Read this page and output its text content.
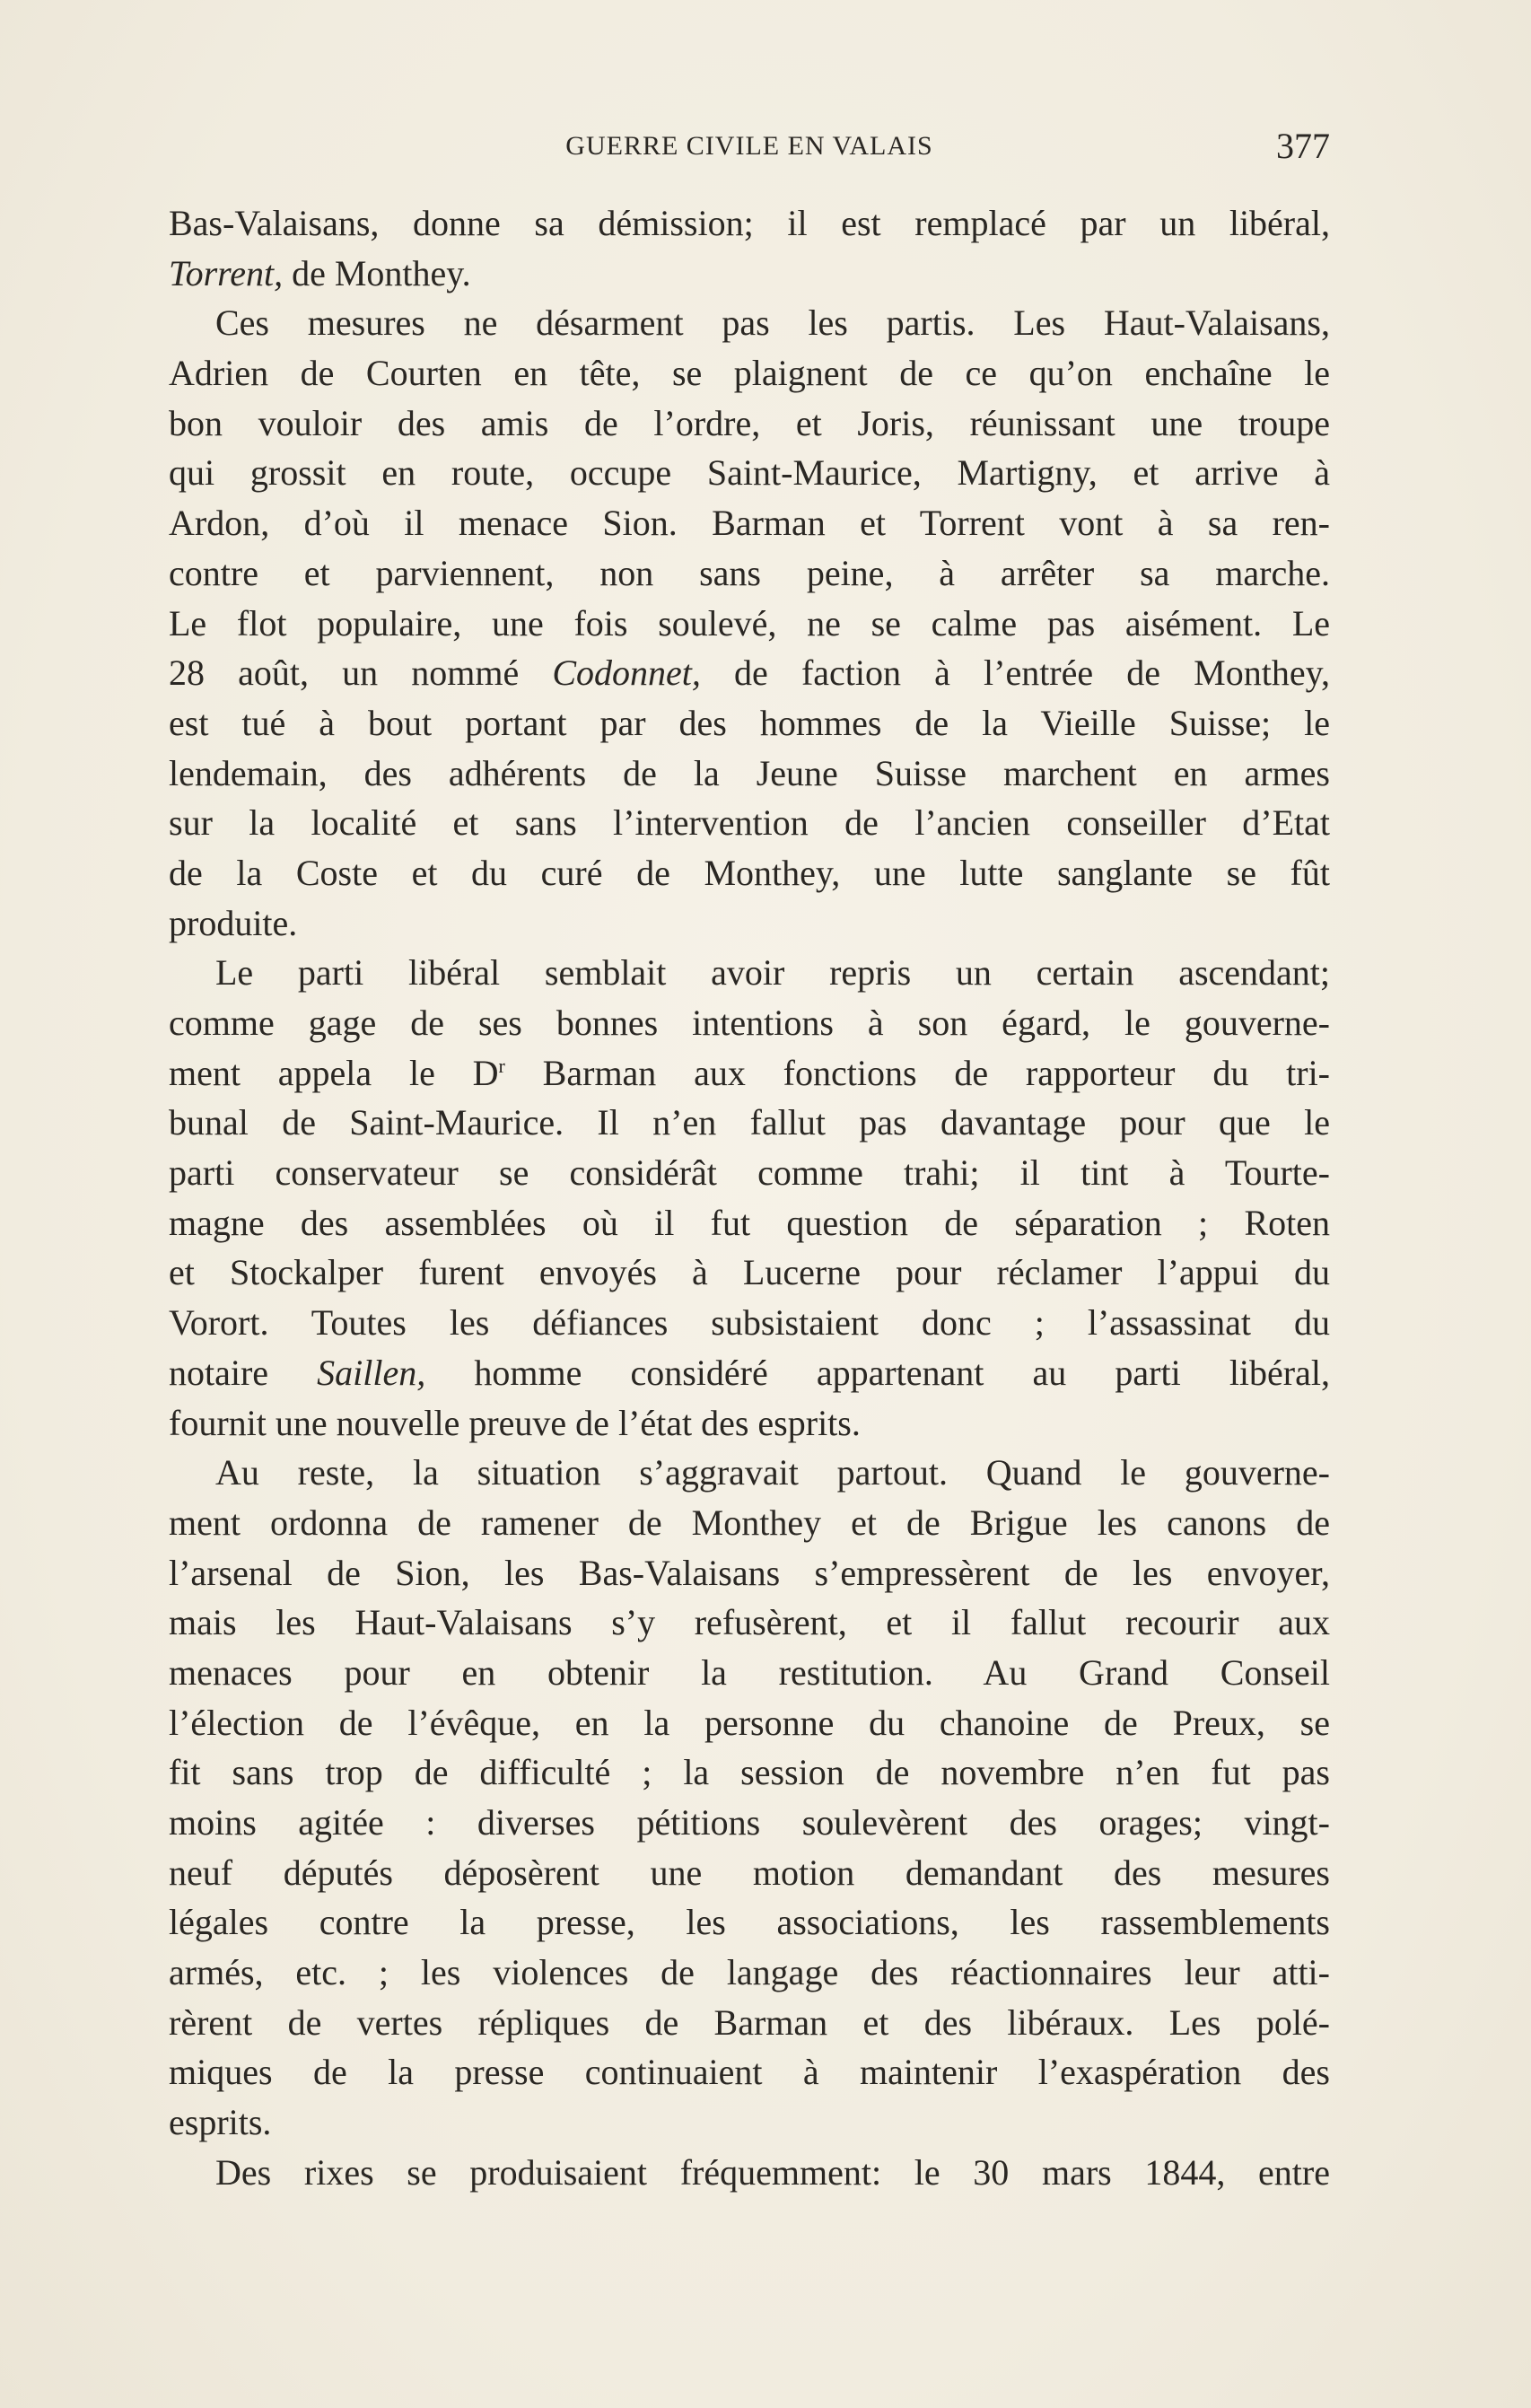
GUERRE CIVILE EN VALAIS	377
Bas-Valaisans, donne sa démission; il est remplacé par un libéral,
Torrent, de Monthey.
Ces mesures ne désarment pas les partis. Les Haut-Valaisans,
Adrien de Courten en tête, se plaignent de ce qu’on enchaîne le
bon vouloir des amis de l’ordre, et Joris, réunissant une troupe
qui grossit en route, occupe Saint-Maurice, Martigny, et arrive à
Ardon, d’où il menace Sion. Barman et Torrent vont à sa ren-
contre et parviennent, non sans peine, à arrêter sa marche.
Le flot populaire, une fois soulevé, ne se calme pas aisément. Le
28 août, un nommé Codonnet, de faction à l’entrée de Monthey,
est tué à bout portant par des hommes de la Vieille Suisse; le
lendemain, des adhérents de la Jeune Suisse marchent en armes
sur la localité et sans l’intervention de l’ancien conseiller d’Etat
de la Coste et du curé de Monthey, une lutte sanglante se fût
produite.
Le parti libéral semblait avoir repris un certain ascendant;
comme gage de ses bonnes intentions à son égard, le gouverne-
ment appela le $D^r$ Barman aux fonctions de rapporteur du tri-
bunal de Saint-Maurice. Il n’en fallut pas davantage pour que le
parti conservateur se considérât comme trahi; il tint à Tourte-
magne des assemblées où il fut question de séparation ; Roten
et Stockalper furent envoyés à Lucerne pour réclamer l’appui du
Vorort. Toutes les défiances subsistaient donc ; l’assassinat du
notaire Saillen, homme considéré appartenant au parti libéral,
fournit une nouvelle preuve de l’état des esprits.
Au reste, la situation s’aggravait partout. Quand le gouverne-
ment ordonna de ramener de Monthey et de Brigue les canons de
l’arsenal de Sion, les Bas-Valaisans s’empressèrent de les envoyer,
mais les Haut-Valaisans s’y refusèrent, et il fallut recourir aux
menaces pour en obtenir la restitution. Au Grand Conseil
l’élection de l’évêque, en la personne du chanoine de Preux, se
fit sans trop de difficulté ; la session de novembre n’en fut pas
moins agitée : diverses pétitions soulevèrent des orages; vingt-
neuf députés déposèrent une motion demandant des mesures
légales contre la presse, les associations, les rassemblements
armés, etc. ; les violences de langage des réactionnaires leur atti-
rèrent de vertes répliques de Barman et des libéraux. Les polé-
miques de la presse continuaient à maintenir l’exaspération des
esprits.
Des rixes se produisaient fréquemment: le 30 mars 1844, entre
